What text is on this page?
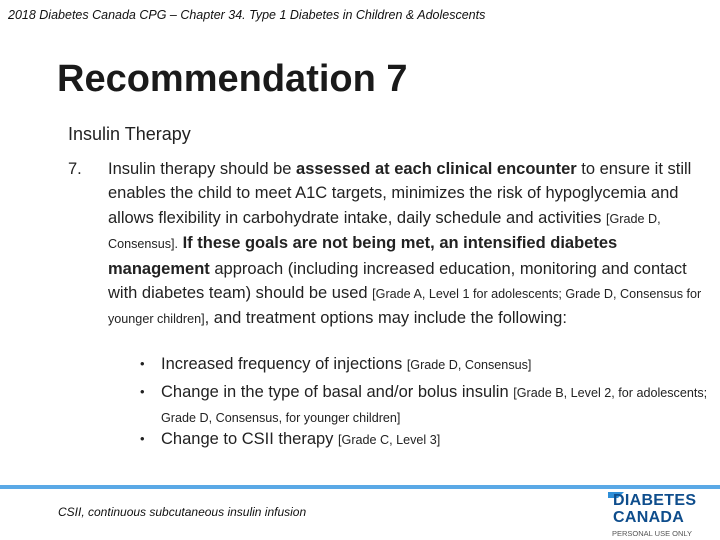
2018 Diabetes Canada CPG – Chapter 34. Type 1 Diabetes in Children & Adolescents
Recommendation 7
Insulin Therapy
7. Insulin therapy should be assessed at each clinical encounter to ensure it still enables the child to meet A1C targets, minimizes the risk of hypoglycemia and allows flexibility in carbohydrate intake, daily schedule and activities [Grade D, Consensus]. If these goals are not being met, an intensified diabetes management approach (including increased education, monitoring and contact with diabetes team) should be used [Grade A, Level 1 for adolescents; Grade D, Consensus for younger children], and treatment options may include the following:
• Increased frequency of injections [Grade D, Consensus]
• Change in the type of basal and/or bolus insulin [Grade B, Level 2, for adolescents; Grade D, Consensus, for younger children]
• Change to CSII therapy [Grade C, Level 3]
CSII, continuous subcutaneous insulin infusion
DIABETES
CANADA
PERSONAL USE ONLY
